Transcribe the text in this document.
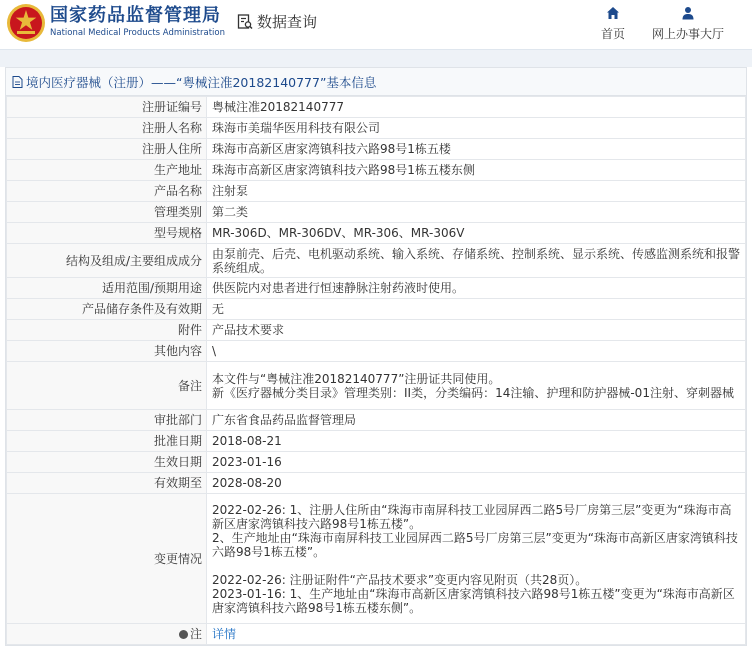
国家药品监督管理局
National Medical Products Administration
数据查询
首页	网上办事大厅
境内医疗器械（注册）——“粤械注准20182140777”基本信息
注册证编号	粤械注准20182140777
注册人名称	珠海市美瑞华医用科技有限公司
注册人住所	珠海市高新区唐家湾镇科技六路98号1栋五楼
生产地址	珠海市高新区唐家湾镇科技六路98号1栋五楼东侧
产品名称	注射泵
管理类别	第二类
型号规格	MR-306D、MR-306DV、MR-306、MR-306V
结构及组成/主要组成成分	由泵前壳、后壳、电机驱动系统、输入系统、存储系统、控制系统、显示系统、传感监测系统和报警系统组成。
适用范围/预期用途	供医院内对患者进行恒速静脉注射药液时使用。
产品储存条件及有效期	无
附件	产品技术要求
其他内容	\
备注	本文件与“粤械注准20182140777”注册证共同使用。
新《医疗器械分类目录》管理类别：II类，分类编码：14注输、护理和防护器械-01注射、穿刺器械
审批部门	广东省食品药品监督管理局
批准日期	2018-08-21
生效日期	2023-01-16
有效期至	2028-08-20
变更情况	2022-02-26: 1、注册人住所由“珠海市南屏科技工业园屏西二路5号厂房第三层”变更为“珠海市高新区唐家湾镇科技六路98号1栋五楼”。
2、生产地址由“珠海市南屏科技工业园屏西二路5号厂房第三层”变更为“珠海市高新区唐家湾镇科技六路98号1栋五楼”。

2022-02-26: 注册证附件“产品技术要求”变更内容见附页（共28页）。
2023-01-16: 1、生产地址由“珠海市高新区唐家湾镇科技六路98号1栋五楼”变更为“珠海市高新区唐家湾镇科技六路98号1栋五楼东侧”。
注	详情
